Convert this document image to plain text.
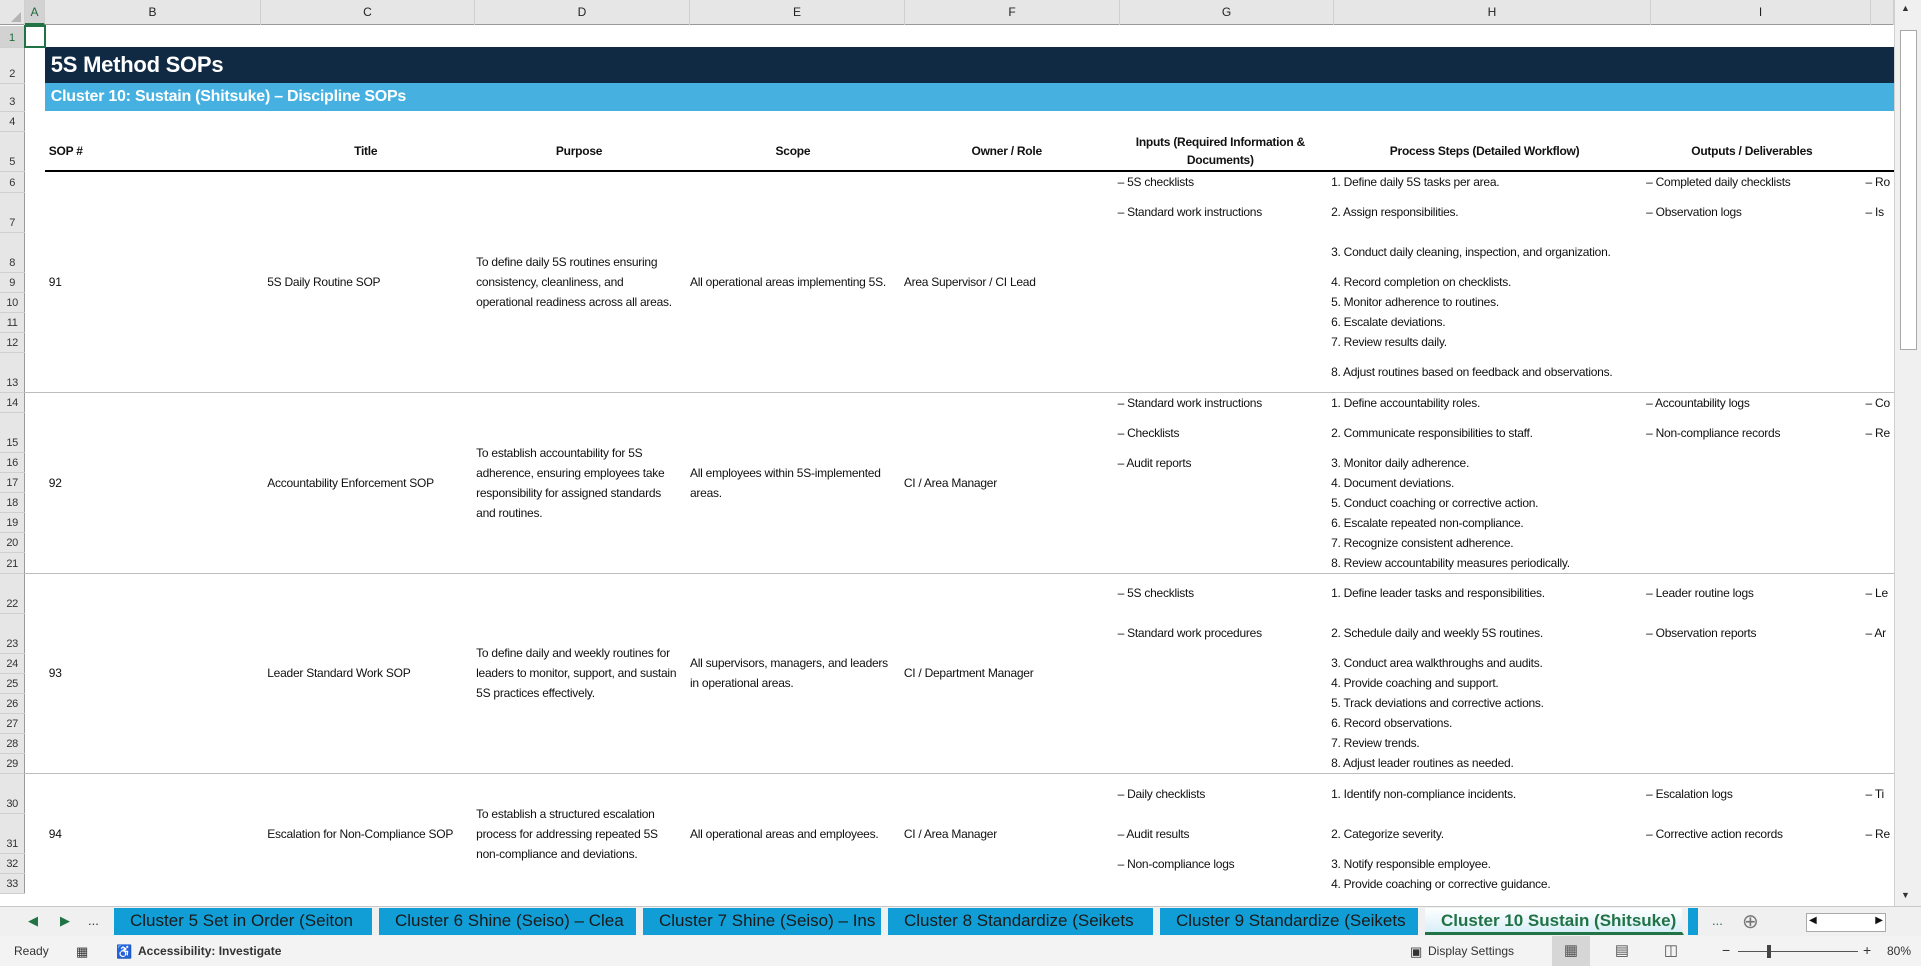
A	B	C	D	E	F	G	H	I
1										
2		5S Method SOPs								
3		Cluster 10: Sustain (Shitsuke) – Discipline SOPs								
4										
5		SOP #	Title	Purpose	Scope	Owner / Role	Inputs (Required Information & Documents)	Process Steps (Detailed Workflow)	Outputs / Deliverables	
6		91	5S Daily Routine SOP	To define daily 5S routines ensuring consistency, cleanliness, and operational readiness across all areas.	All operational areas implementing 5S.	Area Supervisor / CI Lead	– 5S checklists	1. Define daily 5S tasks per area.	– Completed daily checklists	– Ro
7							– Standard work instructions	2. Assign responsibilities.	– Observation logs	– Is
8								3. Conduct daily cleaning, inspection, and organization.		
9								4. Record completion on checklists.		
10								5. Monitor adherence to routines.		
11								6. Escalate deviations.		
12								7. Review results daily.		
13								8. Adjust routines based on feedback and observations.		
14		92	Accountability Enforcement SOP	To establish accountability for 5S adherence, ensuring employees take responsibility for assigned standards and routines.	All employees within 5S-implemented areas.	CI / Area Manager	– Standard work instructions	1. Define accountability roles.	– Accountability logs	– Co
15							– Checklists	2. Communicate responsibilities to staff.	– Non-compliance records	– Re
16							– Audit reports	3. Monitor daily adherence.		
17								4. Document deviations.		
18								5. Conduct coaching or corrective action.		
19								6. Escalate repeated non-compliance.		
20								7. Recognize consistent adherence.		
21								8. Review accountability measures periodically.		
22		93	Leader Standard Work SOP	To define daily and weekly routines for leaders to monitor, support, and sustain 5S practices effectively.	All supervisors, managers, and leaders in operational areas.	CI / Department Manager	– 5S checklists	1. Define leader tasks and responsibilities.	– Leader routine logs	– Le
23							– Standard work procedures	2. Schedule daily and weekly 5S routines.	– Observation reports	– Ar
24								3. Conduct area walkthroughs and audits.		
25								4. Provide coaching and support.		
26								5. Track deviations and corrective actions.		
27								6. Record observations.		
28								7. Review trends.		
29								8. Adjust leader routines as needed.		
30		94	Escalation for Non-Compliance SOP	To establish a structured escalation process for addressing repeated 5S non-compliance and deviations.	All operational areas and employees.	CI / Area Manager	– Daily checklists	1. Identify non-compliance incidents.	– Escalation logs	– Ti
31							– Audit results	2. Categorize severity.	– Corrective action records	– Re
32							– Non-compliance logs	3. Notify responsible employee.		
33								4. Provide coaching or corrective guidance.		
▲
▼
◀ ▶ ...	Cluster 5 Set in Order (Seiton	Cluster 6 Shine (Seiso) – Clea	Cluster 7 Shine (Seiso) – Ins	Cluster 8 Standardize (Seikets	Cluster 9 Standardize (Seikets	Cluster 10 Sustain (Shitsuke)	... ⊕	◀	▶
Ready ▦ ♿ Accessibility: Investigate	▣ Display Settings	▦	▤	◫	−	+ 80%
